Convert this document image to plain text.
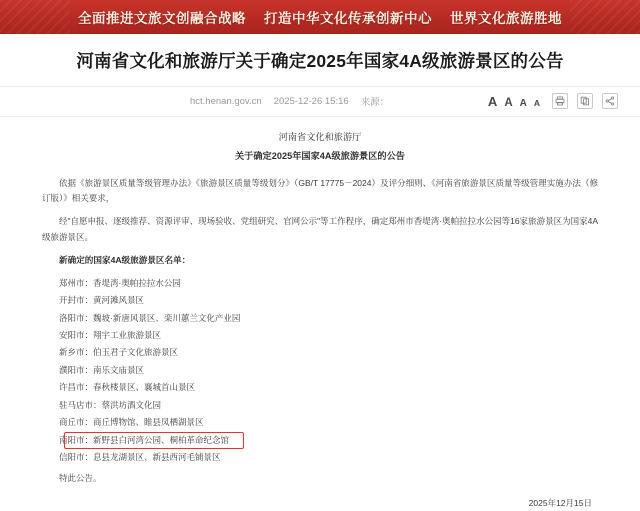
全面推进文旅文创融合战略 打造中华文化传承创新中心 世界文化旅游胜地
河南省文化和旅游厅关于确定2025年国家4A级旅游景区的公告
hct.henan.gov.cn 2025-12-26 15:16 来源：	A A A A
河南省文化和旅游厅
关于确定2025年国家4A级旅游景区的公告

依据《旅游景区质量等级管理办法》《旅游景区质量等级划分》（GB/T 17775－2024）及评分细则、《河南省旅游景区质量等级管理实施办法（修订版）》相关要求，

经"自愿申报、逐级推荐、资源评审、现场验收、党组研究、官网公示"等工作程序，确定郑州市香堤湾·奥帕拉拉水公园等16家旅游景区为国家4A级旅游景区。

新确定的国家4A级旅游景区名单：
郑州市：香堤湾·奥帕拉拉水公园
开封市：黄河滩风景区
洛阳市：魏坡·新唐风景区、栾川蕙兰文化产业园
安阳市：翔宇工业旅游景区
新乡市：伯玉君子文化旅游景区
濮阳市：南乐文庙景区
许昌市：春秋楼景区、襄城首山景区
驻马店市：蔡洪坊酒文化园
商丘市：商丘博物馆、睢县凤栖湖景区
南阳市：新野县白河湾公园、桐柏革命纪念馆
信阳市：息县龙湖景区、新县西河毛铺景区
特此公告。
2025年12月15日
